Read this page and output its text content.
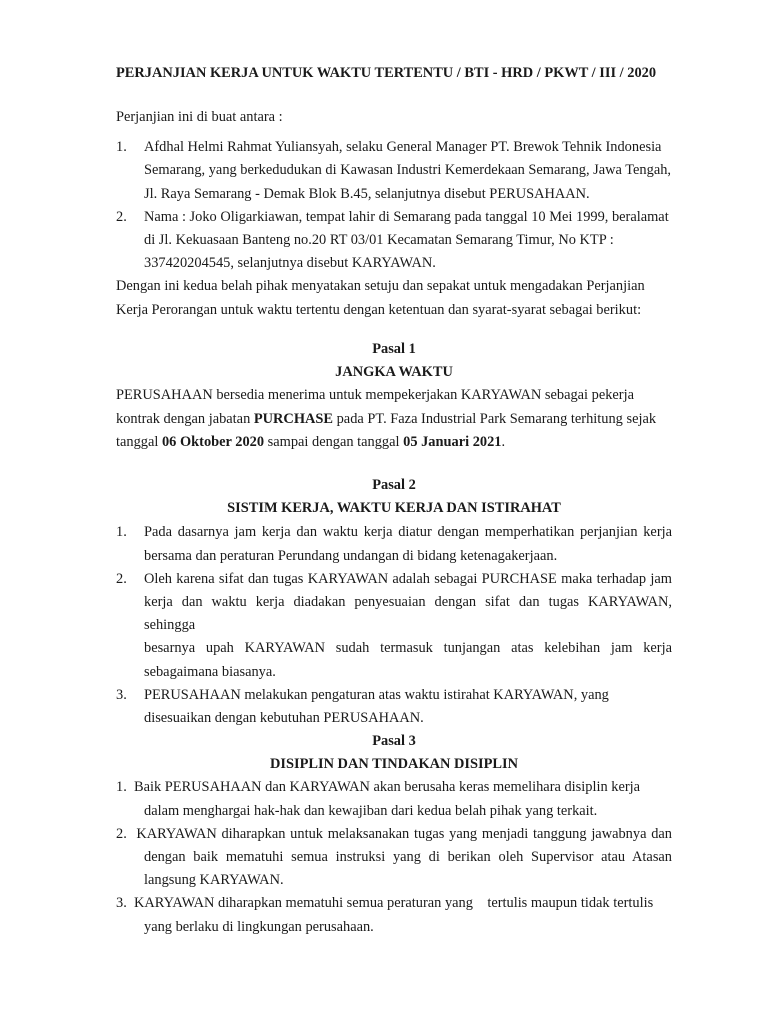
PERJANJIAN KERJA UNTUK WAKTU TERTENTU / BTI - HRD / PKWT / III / 2020
Perjanjian ini di buat antara :
1. Afdhal Helmi Rahmat Yuliansyah, selaku General Manager PT. Brewok Tehnik Indonesia
Semarang, yang berkedudukan di Kawasan Industri Kemerdekaan Semarang, Jawa Tengah,
Jl. Raya Semarang - Demak Blok B.45, selanjutnya disebut PERUSAHAAN.
2. Nama : Joko Oligarkiawan, tempat lahir di Semarang pada tanggal 10 Mei 1999, beralamat
di Jl. Kekuasaan Banteng no.20 RT 03/01 Kecamatan Semarang Timur, No KTP :
337420204545, selanjutnya disebut KARYAWAN.
Dengan ini kedua belah pihak menyatakan setuju dan sepakat untuk mengadakan Perjanjian
Kerja Perorangan untuk waktu tertentu dengan ketentuan dan syarat-syarat sebagai berikut:
Pasal 1
JANGKA WAKTU
PERUSAHAAN bersedia menerima untuk mempekerjakan KARYAWAN sebagai pekerja
kontrak dengan jabatan PURCHASE pada PT. Faza Industrial Park Semarang terhitung sejak
tanggal 06 Oktober 2020 sampai dengan tanggal 05 Januari 2021.
Pasal 2
SISTIM KERJA, WAKTU KERJA DAN ISTIRAHAT
1. Pada dasarnya jam kerja dan waktu kerja diatur dengan memperhatikan perjanjian kerja
bersama dan peraturan Perundang undangan di bidang ketenagakerjaan.
2. Oleh karena sifat dan tugas KARYAWAN adalah sebagai PURCHASE maka terhadap jam
kerja dan waktu kerja diadakan penyesuaian dengan sifat dan tugas KARYAWAN, sehingga
besarnya upah KARYAWAN sudah termasuk tunjangan atas kelebihan jam kerja
sebagaimana biasanya.
3. PERUSAHAAN melakukan pengaturan atas waktu istirahat KARYAWAN, yang
disesuaikan dengan kebutuhan PERUSAHAAN.
Pasal 3
DISIPLIN DAN TINDAKAN DISIPLIN
1. Baik PERUSAHAAN dan KARYAWAN akan berusaha keras memelihara disiplin kerja
dalam menghargai hak-hak dan kewajiban dari kedua belah pihak yang terkait.
2. KARYAWAN diharapkan untuk melaksanakan tugas yang menjadi tanggung jawabnya dan
dengan baik mematuhi semua instruksi yang di berikan oleh Supervisor atau Atasan
langsung KARYAWAN.
3. KARYAWAN diharapkan mematuhi semua peraturan yang    tertulis maupun tidak tertulis
yang berlaku di lingkungan perusahaan.
